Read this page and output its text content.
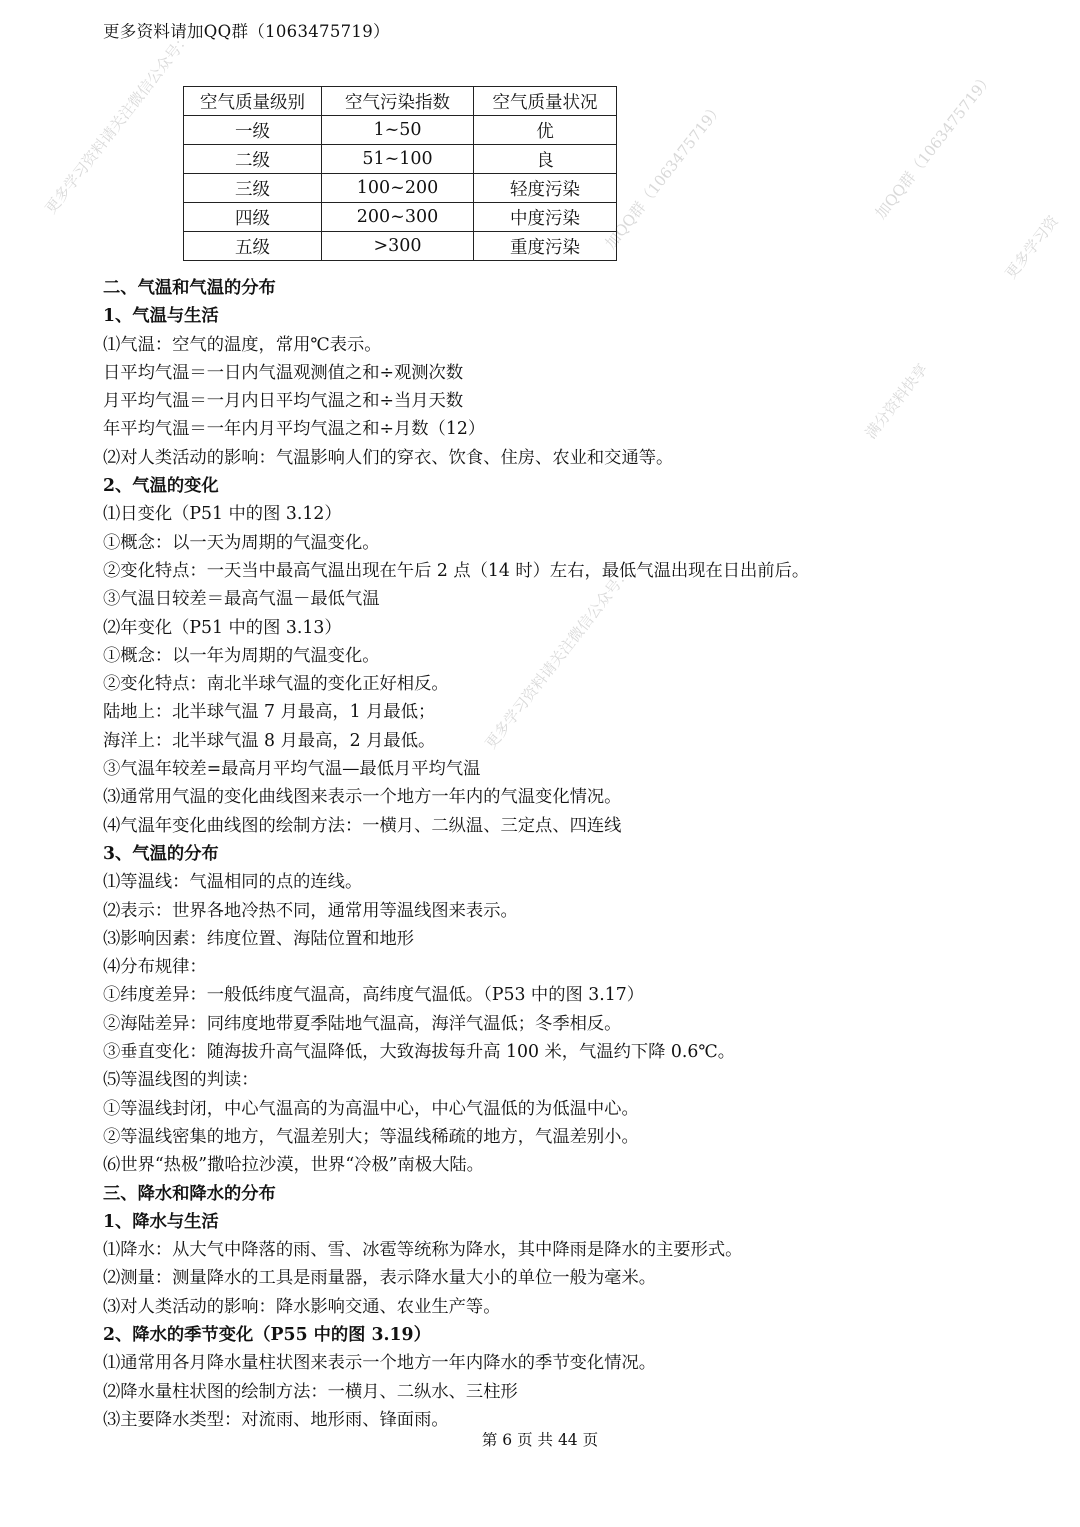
更多学习资料请关注微信公众号：	加QQ群（1063475719）
满分资料快享
更多学习资料请关注微信公众号：
加QQ群（1063475719）
更多学习资
更多资料请加QQ群（1063475719）
空气质量级别	空气污染指数	空气质量状况
一级	1~50	优
二级	51~100	良
三级	100~200	轻度污染
四级	200~300	中度污染
五级	>300	重度污染
二、气温和气温的分布
1、气温与生活
⑴气温：空气的温度，常用℃表示。
日平均气温＝一日内气温观测值之和÷观测次数
月平均气温＝一月内日平均气温之和÷当月天数
年平均气温＝一年内月平均气温之和÷月数（12）
⑵对人类活动的影响：气温影响人们的穿衣、饮食、住房、农业和交通等。
2、气温的变化
⑴日变化（P51 中的图 3.12）
①概念：以一天为周期的气温变化。
②变化特点：一天当中最高气温出现在午后 2 点（14 时）左右，最低气温出现在日出前后。
③气温日较差＝最高气温－最低气温
⑵年变化（P51 中的图 3.13）
①概念：以一年为周期的气温变化。
②变化特点：南北半球气温的变化正好相反。
陆地上：北半球气温 7 月最高，1 月最低；
海洋上：北半球气温 8 月最高，2 月最低。
③气温年较差=最高月平均气温—最低月平均气温
⑶通常用气温的变化曲线图来表示一个地方一年内的气温变化情况。
⑷气温年变化曲线图的绘制方法：一横月、二纵温、三定点、四连线
3、气温的分布
⑴等温线：气温相同的点的连线。
⑵表示：世界各地冷热不同，通常用等温线图来表示。
⑶影响因素：纬度位置、海陆位置和地形
⑷分布规律：
①纬度差异：一般低纬度气温高，高纬度气温低。（P53 中的图 3.17）
②海陆差异：同纬度地带夏季陆地气温高，海洋气温低；冬季相反。
③垂直变化：随海拔升高气温降低，大致海拔每升高 100 米，气温约下降 0.6℃。
⑸等温线图的判读：
①等温线封闭，中心气温高的为高温中心，中心气温低的为低温中心。
②等温线密集的地方，气温差别大；等温线稀疏的地方，气温差别小。
⑹世界“热极”撒哈拉沙漠，世界“冷极”南极大陆。
三、降水和降水的分布
1、降水与生活
⑴降水：从大气中降落的雨、雪、冰雹等统称为降水，其中降雨是降水的主要形式。
⑵测量：测量降水的工具是雨量器，表示降水量大小的单位一般为毫米。
⑶对人类活动的影响：降水影响交通、农业生产等。
2、降水的季节变化（P55 中的图 3.19）
⑴通常用各月降水量柱状图来表示一个地方一年内降水的季节变化情况。
⑵降水量柱状图的绘制方法：一横月、二纵水、三柱形
⑶主要降水类型：对流雨、地形雨、锋面雨。
第 6 页 共 44 页
